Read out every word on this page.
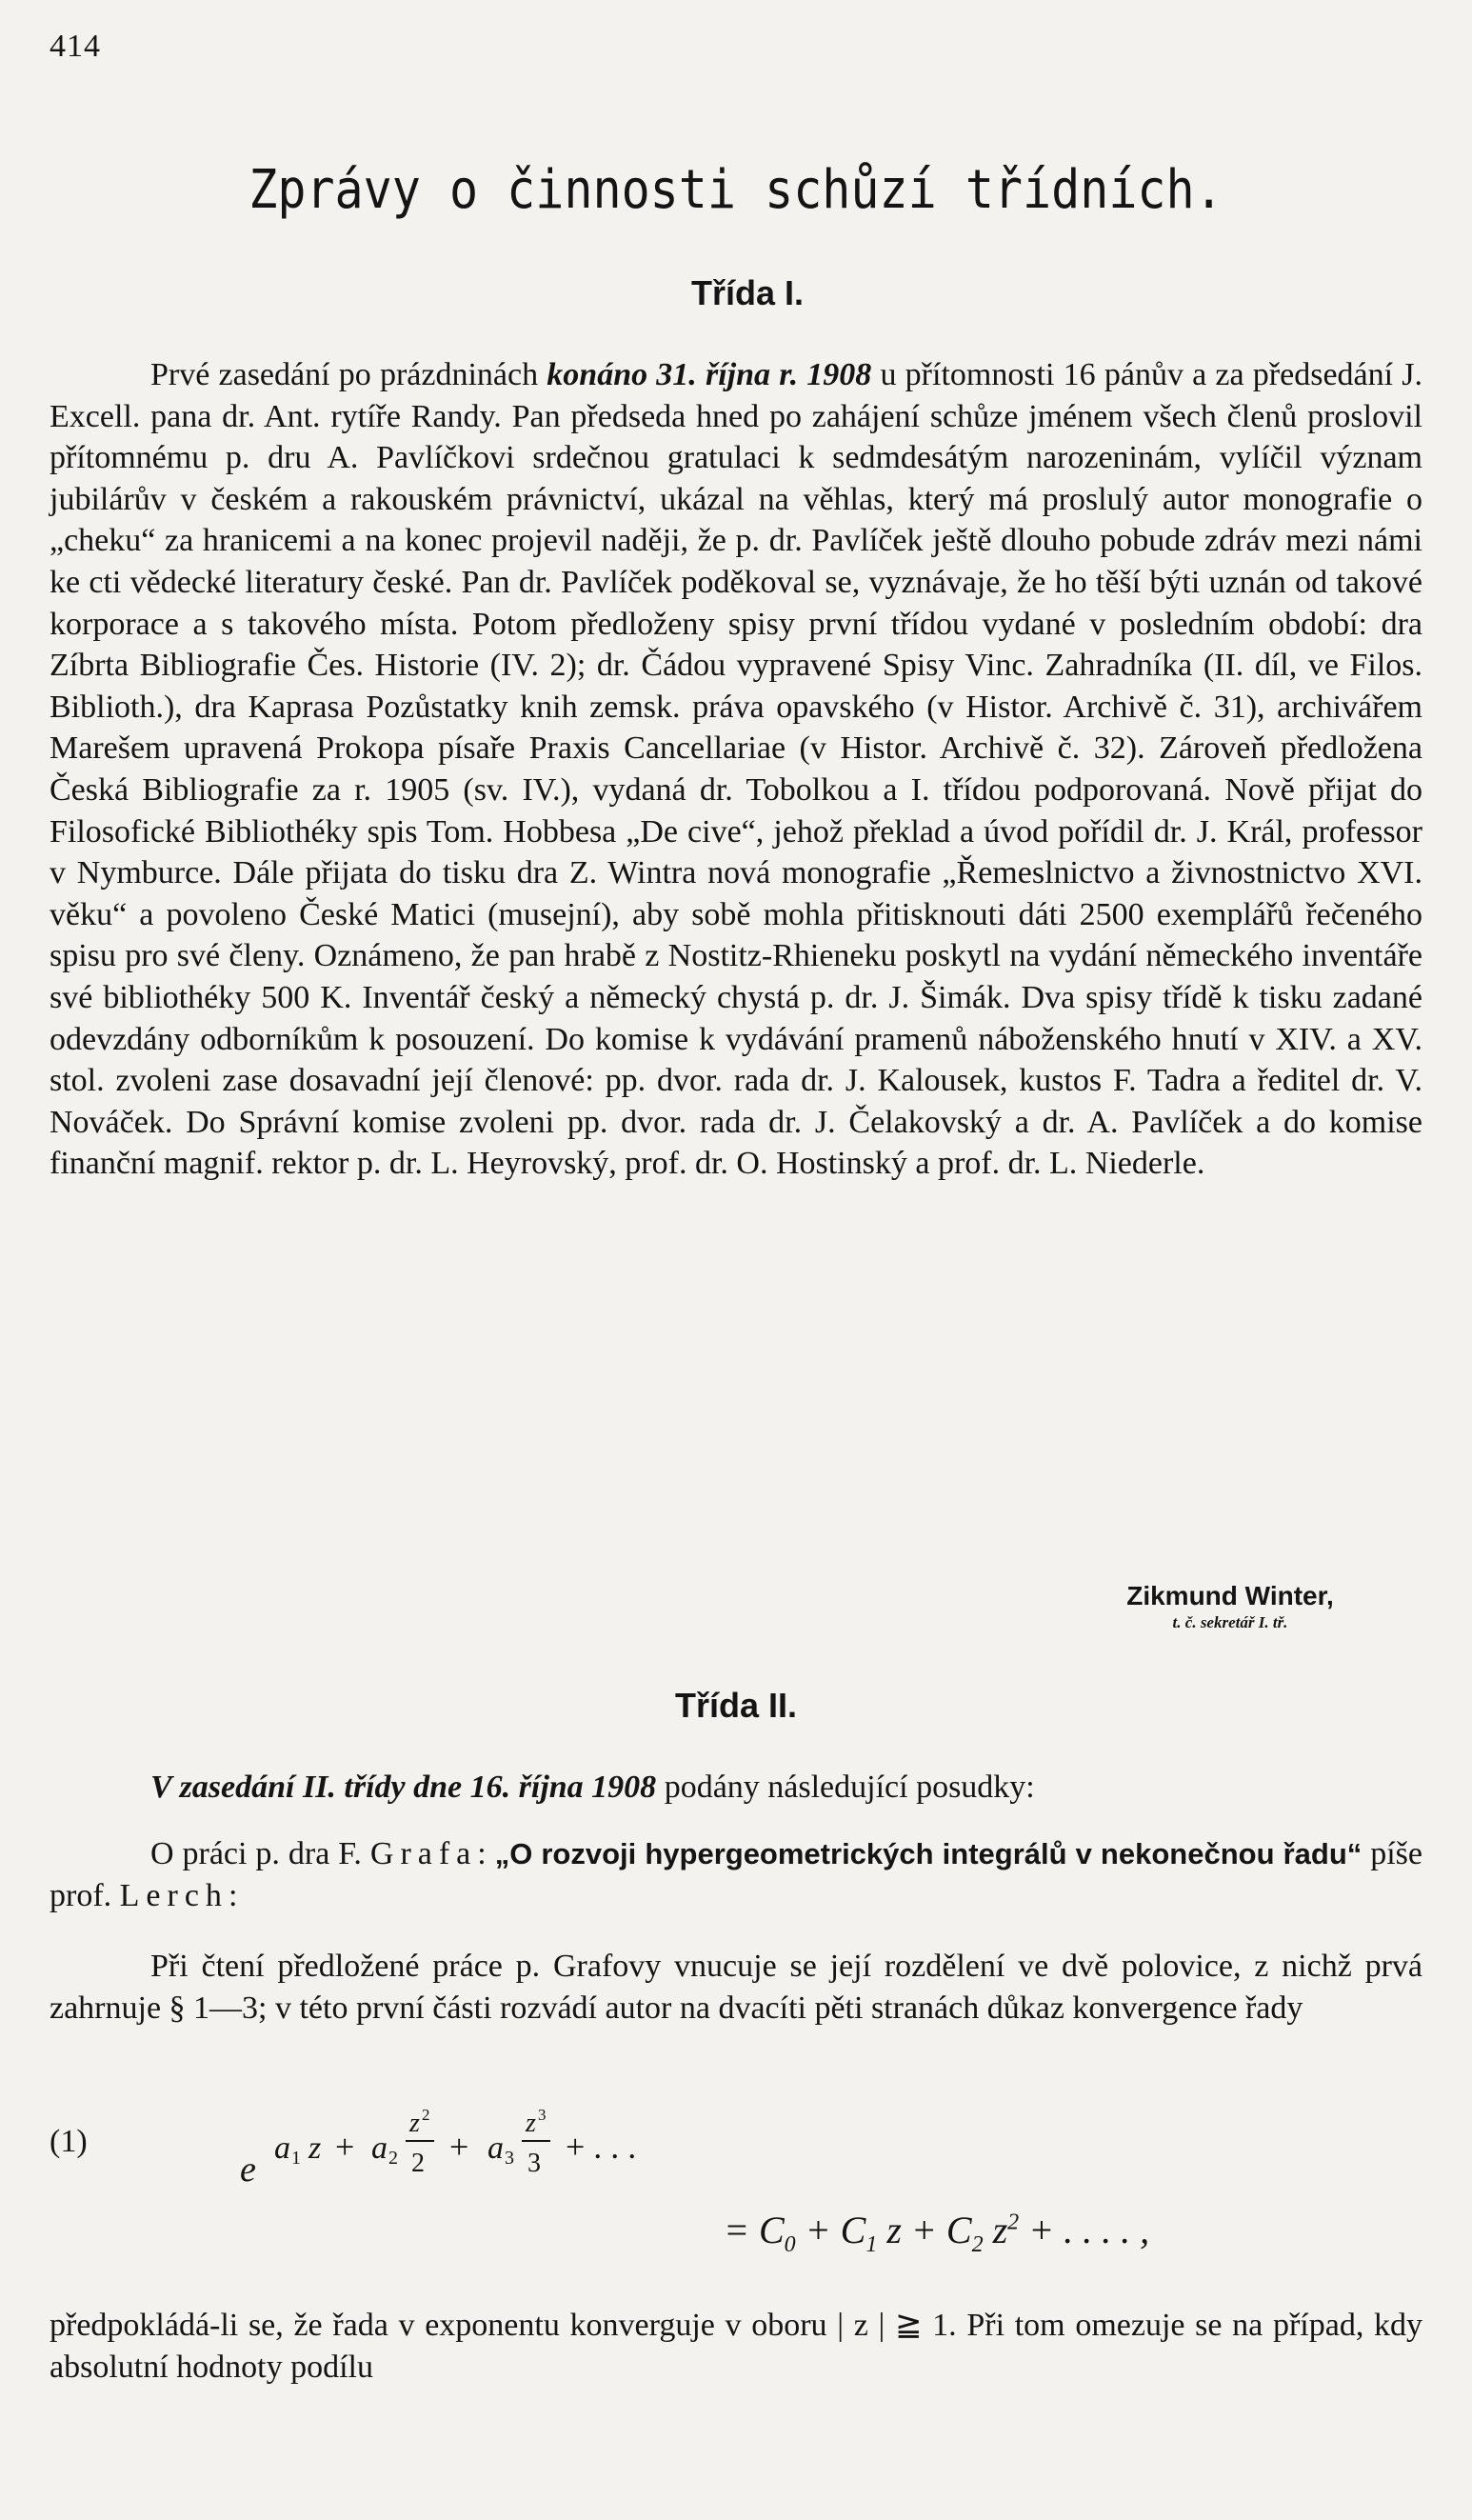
414
Zprávy o činnosti schůzí třídních.
Třída I.
Prvé zasedání po prázdninách konáno 31. října r. 1908 u přítomnosti 16 pánův a za předsedání J. Excell. pana dr. Ant. rytíře Randy. Pan předseda hned po zahájení schůze jménem všech členů proslovil přítomnému p. dru A. Pavlíčkovi srdečnou gratulaci k sedmdesátým narozeninám, vylíčil význam jubilárův v českém a rakouském právnictví, ukázal na věhlas, který má proslulý autor monografie o „cheku“ za hranicemi a na konec projevil naději, že p. dr. Pavlíček ještě dlouho pobude zdráv mezi námi ke cti vědecké literatury české. Pan dr. Pavlíček poděkoval se, vyznávaje, že ho těší býti uznán od takové korporace a s takového místa. Potom předloženy spisy první třídou vydané v posledním období: dra Zíbrta Bibliografie Čes. Historie (IV. 2); dr. Čádou vypravené Spisy Vinc. Zahradníka (II. díl, ve Filos. Biblioth.), dra Kaprasa Pozůstatky knih zemsk. práva opavského (v Histor. Archivě č. 31), archivářem Marešem upravená Prokopa písaře Praxis Cancellariae (v Histor. Archivě č. 32). Zároveň předložena Česká Bibliografie za r. 1905 (sv. IV.), vydaná dr. Tobolkou a I. třídou podporovaná. Nově přijat do Filosofické Bibliothéky spis Tom. Hobbesa „De cive“, jehož překlad a úvod pořídil dr. J. Král, professor v Nymburce. Dále přijata do tisku dra Z. Wintra nová monografie „Řemeslnictvo a živnostnictvo XVI. věku“ a povoleno České Matici (musejní), aby sobě mohla přitisknouti dáti 2500 exemplářů řečeného spisu pro své členy. Oznámeno, že pan hrabě z Nostitz-Rhieneku poskytl na vydání německého inventáře své bibliothéky 500 K. Inventář český a německý chystá p. dr. J. Šimák. Dva spisy třídě k tisku zadané odevzdány odborníkům k posouzení. Do komise k vydávání pramenů náboženského hnutí v XIV. a XV. stol. zvoleni zase dosavadní její členové: pp. dvor. rada dr. J. Kalousek, kustos F. Tadra a ředitel dr. V. Nováček. Do Správní komise zvoleni pp. dvor. rada dr. J. Čelakovský a dr. A. Pavlíček a do komise finanční magnif. rektor p. dr. L. Heyrovský, prof. dr. O. Hostinský a prof. dr. L. Niederle.
Zikmund Winter,
t. č. sekretář I. tř.
Třída II.
V zasedání II. třídy dne 16. října 1908 podány následující posudky:
O práci p. dra F. Grafa: „O rozvoji hypergeometrických integrálů v nekonečnou řadu“ píše prof. Lerch:
Při čtení předložené práce p. Grafovy vnucuje se její rozdělení ve dvě polovice, z nichž prvá zahrnuje § 1—3; v této první části rozvádí autor na dvacíti pěti stranách důkaz konvergence řady
(1)
e
a 1 z + a 2
z 2
2 + a 3
z 3
3 + . . .
= $C_0 + C_1$ $z + C_2$ $z^2$ + . . . . ,
předpokládá-li se, že řada v exponentu konverguje v oboru | z | ≧ 1. Při tom omezuje se na případ, kdy absolutní hodnoty podílu
